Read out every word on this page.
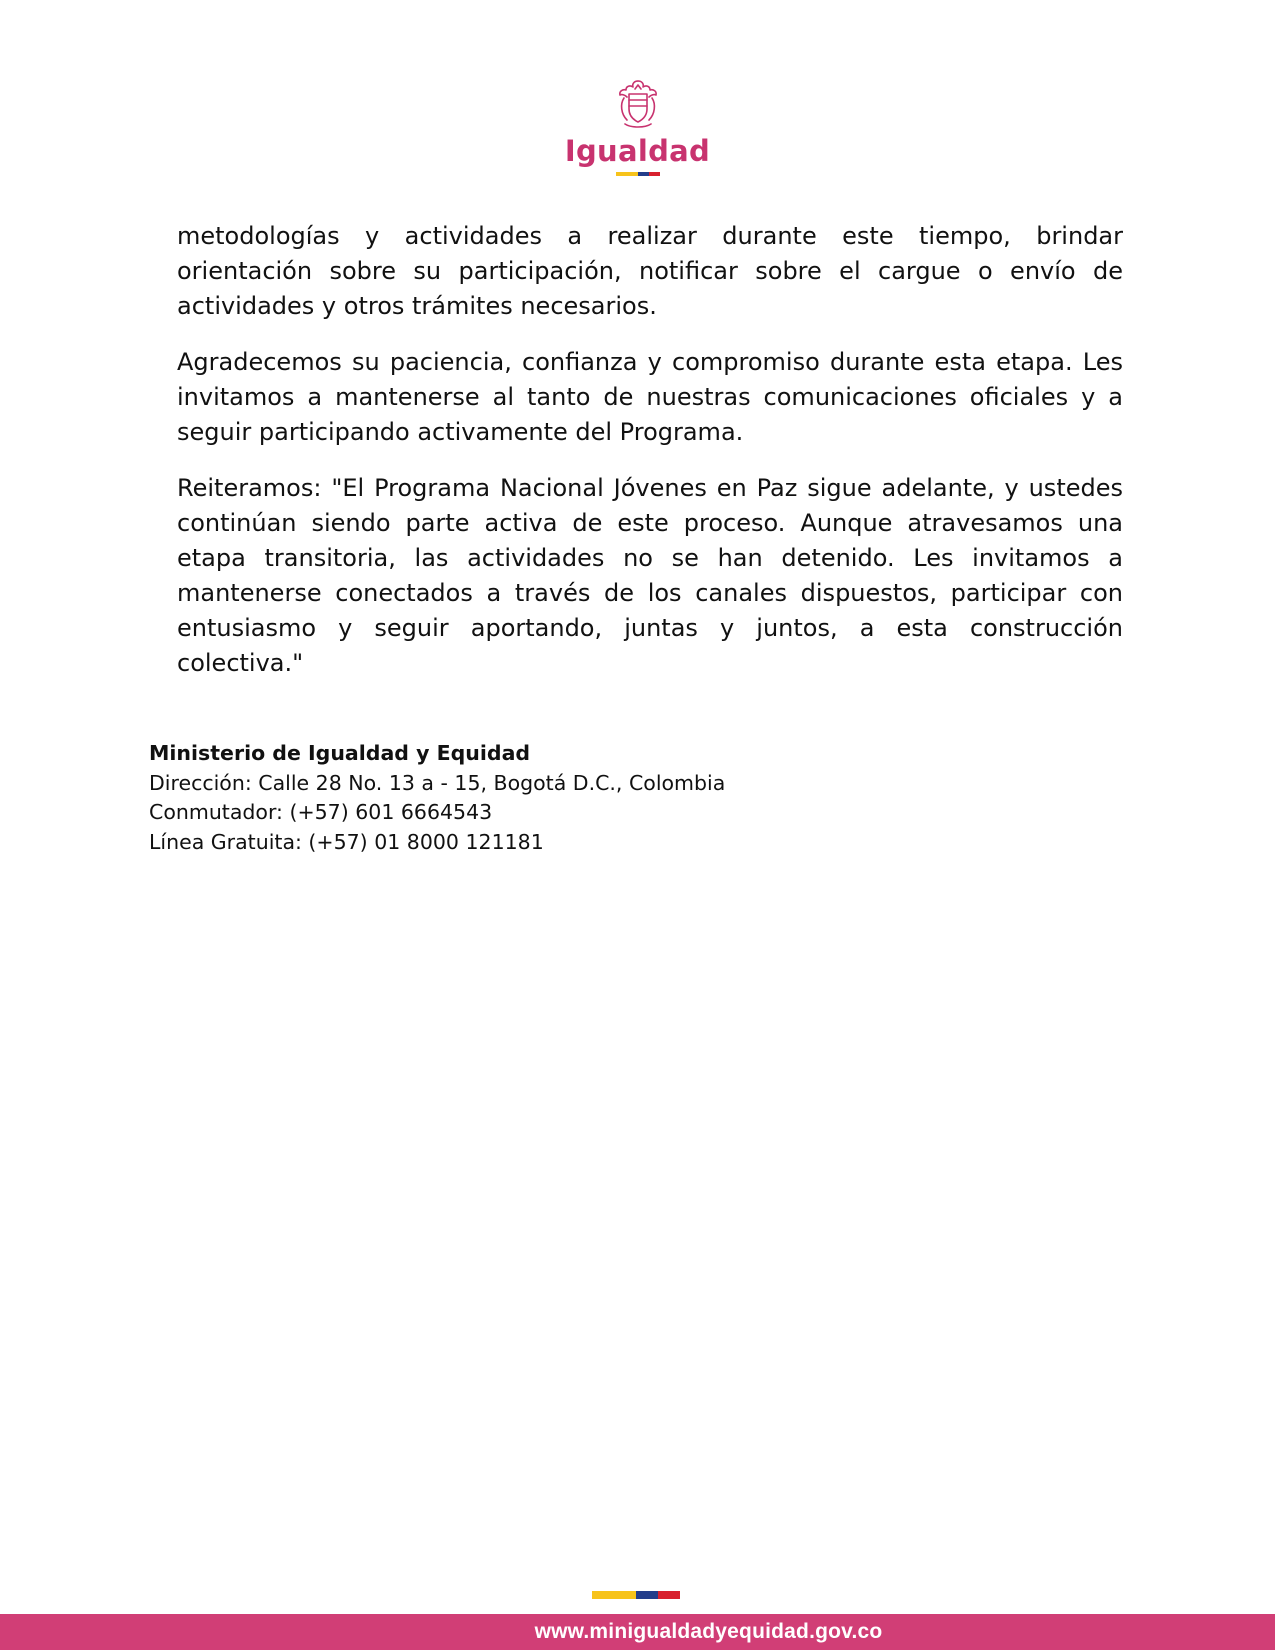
Igualdad

metodologías y actividades a realizar durante este tiempo, brindar orientación sobre su participación, notificar sobre el cargue o envío de actividades y otros trámites necesarios.

Agradecemos su paciencia, confianza y compromiso durante esta etapa. Les invitamos a mantenerse al tanto de nuestras comunicaciones oficiales y a seguir participando activamente del Programa.

Reiteramos: "El Programa Nacional Jóvenes en Paz sigue adelante, y ustedes continúan siendo parte activa de este proceso. Aunque atravesamos una etapa transitoria, las actividades no se han detenido. Les invitamos a mantenerse conectados a través de los canales dispuestos, participar con entusiasmo y seguir aportando, juntas y juntos, a esta construcción colectiva."

Ministerio de Igualdad y Equidad
Dirección: Calle 28 No. 13 a - 15, Bogotá D.C., Colombia
Conmutador: (+57) 601 6664543
Línea Gratuita: (+57) 01 8000 121181
www.minigualdadyequidad.gov.co
